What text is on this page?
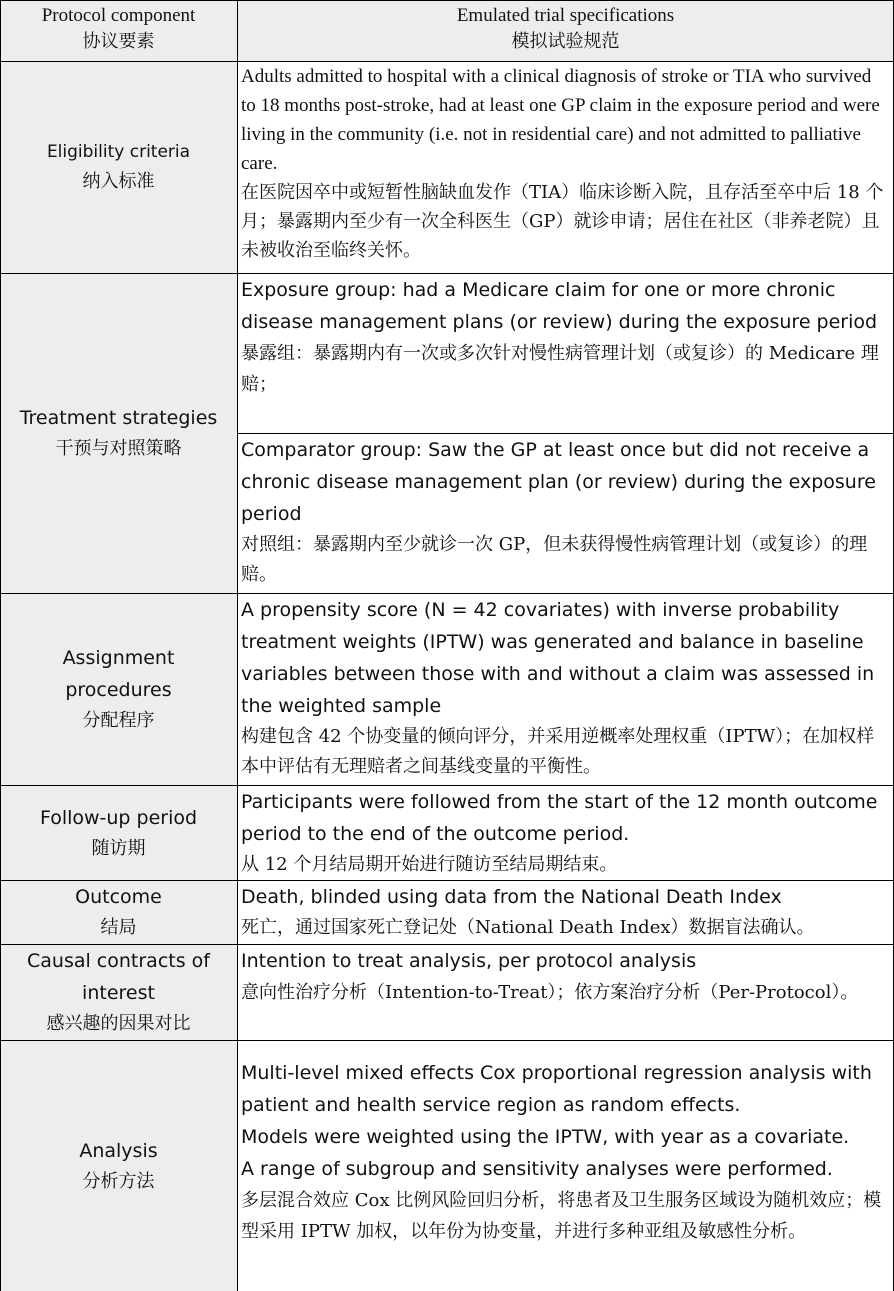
Protocol component
协议要素
Emulated trial specifications
模拟试验规范
Eligibility criteria
纳入标准

Adults admitted to hospital with a clinical diagnosis of stroke or TIA who survived to 18 months post-stroke, had at least one GP claim in the exposure period and were living in the community (i.e. not in residential care) and not admitted to palliative care.

在医院因卒中或短暂性脑缺血发作（TIA）临床诊断入院，且存活至卒中后 18 个月；暴露期内至少有一次全科医生（GP）就诊申请；居住在社区（非养老院）且未被收治至临终关怀。

Treatment strategies
干预与对照策略

Exposure group: had a Medicare claim for one or more chronic disease management plans (or review) during the exposure period

暴露组：暴露期内有一次或多次针对慢性病管理计划（或复诊）的 Medicare 理赔；

Comparator group: Saw the GP at least once but did not receive a chronic disease management plan (or review) during the exposure period

对照组：暴露期内至少就诊一次 GP，但未获得慢性病管理计划（或复诊）的理赔。

Assignment
procedures
分配程序

A propensity score (N = 42 covariates) with inverse probability treatment weights (IPTW) was generated and balance in baseline variables between those with and without a claim was assessed in the weighted sample

构建包含 42 个协变量的倾向评分，并采用逆概率处理权重（IPTW）；在加权样本中评估有无理赔者之间基线变量的平衡性。

Follow-up period
随访期

Participants were followed from the start of the 12 month outcome period to the end of the outcome period.

从 12 个月结局期开始进行随访至结局期结束。

Outcome
结局

Death, blinded using data from the National Death Index

死亡，通过国家死亡登记处（National Death Index）数据盲法确认。

Causal contracts of
interest
感兴趣的因果对比

Intention to treat analysis, per protocol analysis

意向性治疗分析（Intention-to-Treat）；依方案治疗分析（Per-Protocol）。

Analysis
分析方法

Multi-level mixed effects Cox proportional regression analysis with patient and health service region as random effects.

Models were weighted using the IPTW, with year as a covariate.

A range of subgroup and sensitivity analyses were performed.

多层混合效应 Cox 比例风险回归分析，将患者及卫生服务区域设为随机效应；模型采用 IPTW 加权，以年份为协变量，并进行多种亚组及敏感性分析。
